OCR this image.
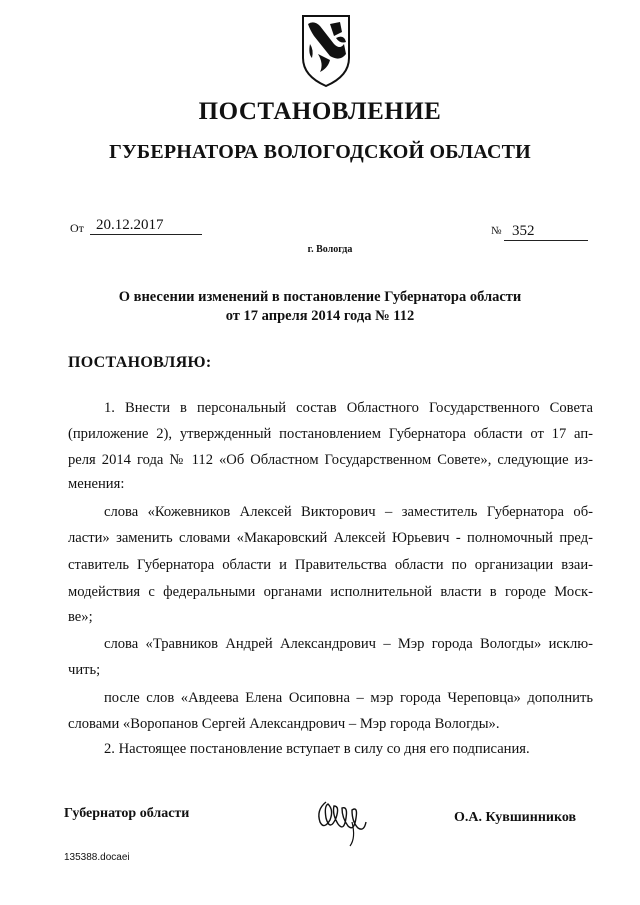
ПОСТАНОВЛЕНИЕ
ГУБЕРНАТОРА ВОЛОГОДСКОЙ ОБЛАСТИ
От 20.12.2017	№ 352
г. Вологда
О внесении изменений в постановление Губернатора области
от 17 апреля 2014 года № 112
ПОСТАНОВЛЯЮ:
1. Внести в персональный состав Областного Государственного Совета
(приложение 2), утвержденный постановлением Губернатора области от 17 ап-
реля 2014 года № 112 «Об Областном Государственном Совете», следующие из-
менения:
слова «Кожевников Алексей Викторович – заместитель Губернатора об-
ласти» заменить словами «Макаровский Алексей Юрьевич - полномочный пред-
ставитель Губернатора области и Правительства области по организации взаи-
модействия с федеральными органами исполнительной власти в городе Моск-
ве»;
слова «Травников Андрей Александрович – Мэр города Вологды» исклю-
чить;
после слов «Авдеева Елена Осиповна – мэр города Череповца» дополнить
словами «Воропанов Сергей Александрович – Мэр города Вологды».
2. Настоящее постановление вступает в силу со дня его подписания.
Губернатор области	О.А. Кувшинников
135388.docaei
